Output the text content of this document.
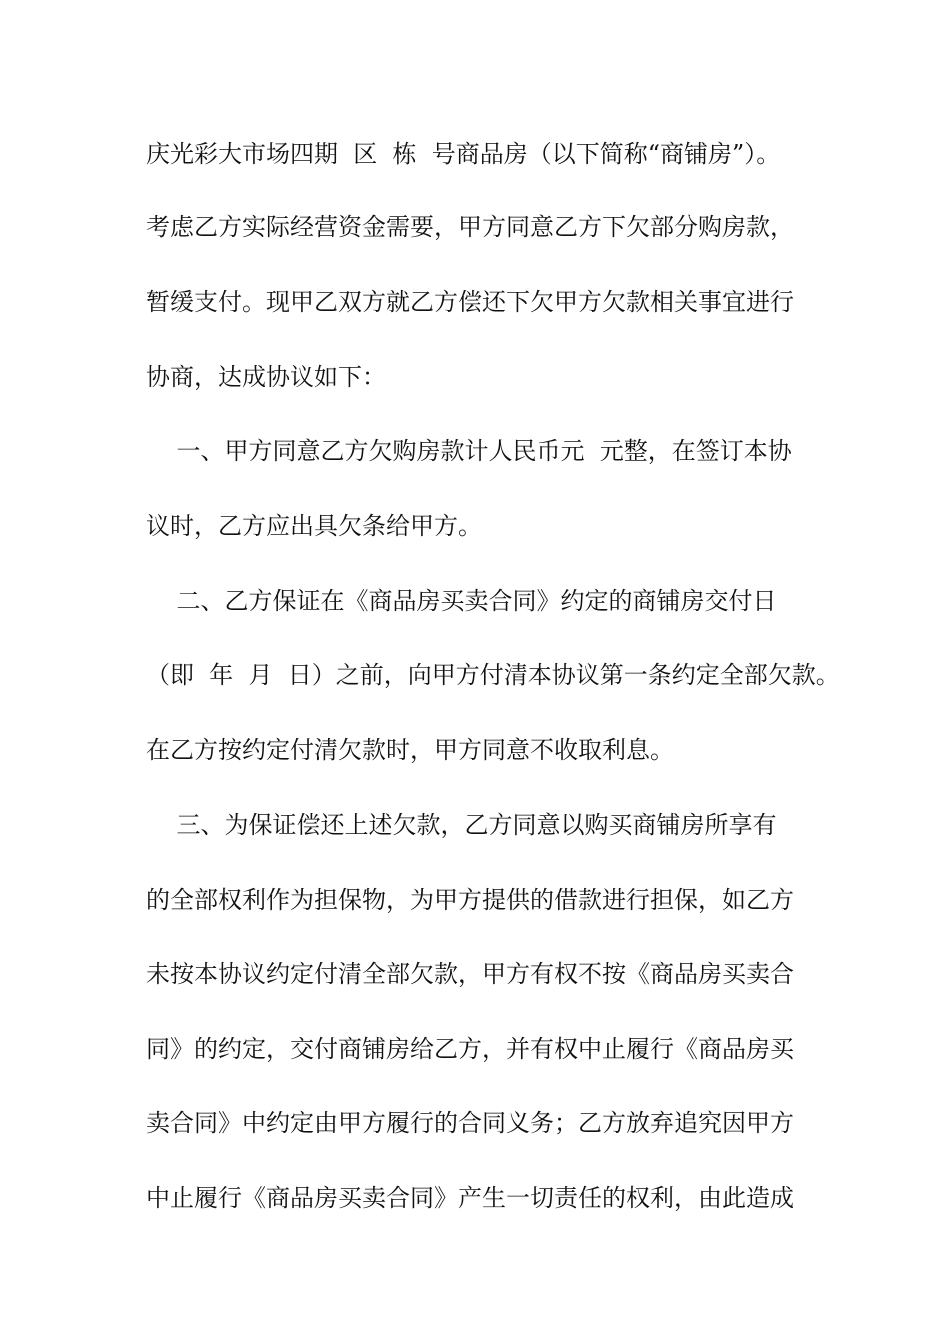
庆光彩大市场四期  区  栋  号商品房（以下简称“商铺房”）。
考虑乙方实际经营资金需要，甲方同意乙方下欠部分购房款，
暂缓支付。现甲乙双方就乙方偿还下欠甲方欠款相关事宜进行
协商，达成协议如下：
一、甲方同意乙方欠购房款计人民币元  元整，在签订本协
议时，乙方应出具欠条给甲方。
二、乙方保证在《商品房买卖合同》约定的商铺房交付日
（即  年  月  日）之前，向甲方付清本协议第一条约定全部欠款。
在乙方按约定付清欠款时，甲方同意不收取利息。
三、为保证偿还上述欠款，乙方同意以购买商铺房所享有
的全部权利作为担保物，为甲方提供的借款进行担保，如乙方
未按本协议约定付清全部欠款，甲方有权不按《商品房买卖合
同》的约定，交付商铺房给乙方，并有权中止履行《商品房买
卖合同》中约定由甲方履行的合同义务；乙方放弃追究因甲方
中止履行《商品房买卖合同》产生一切责任的权利，由此造成
